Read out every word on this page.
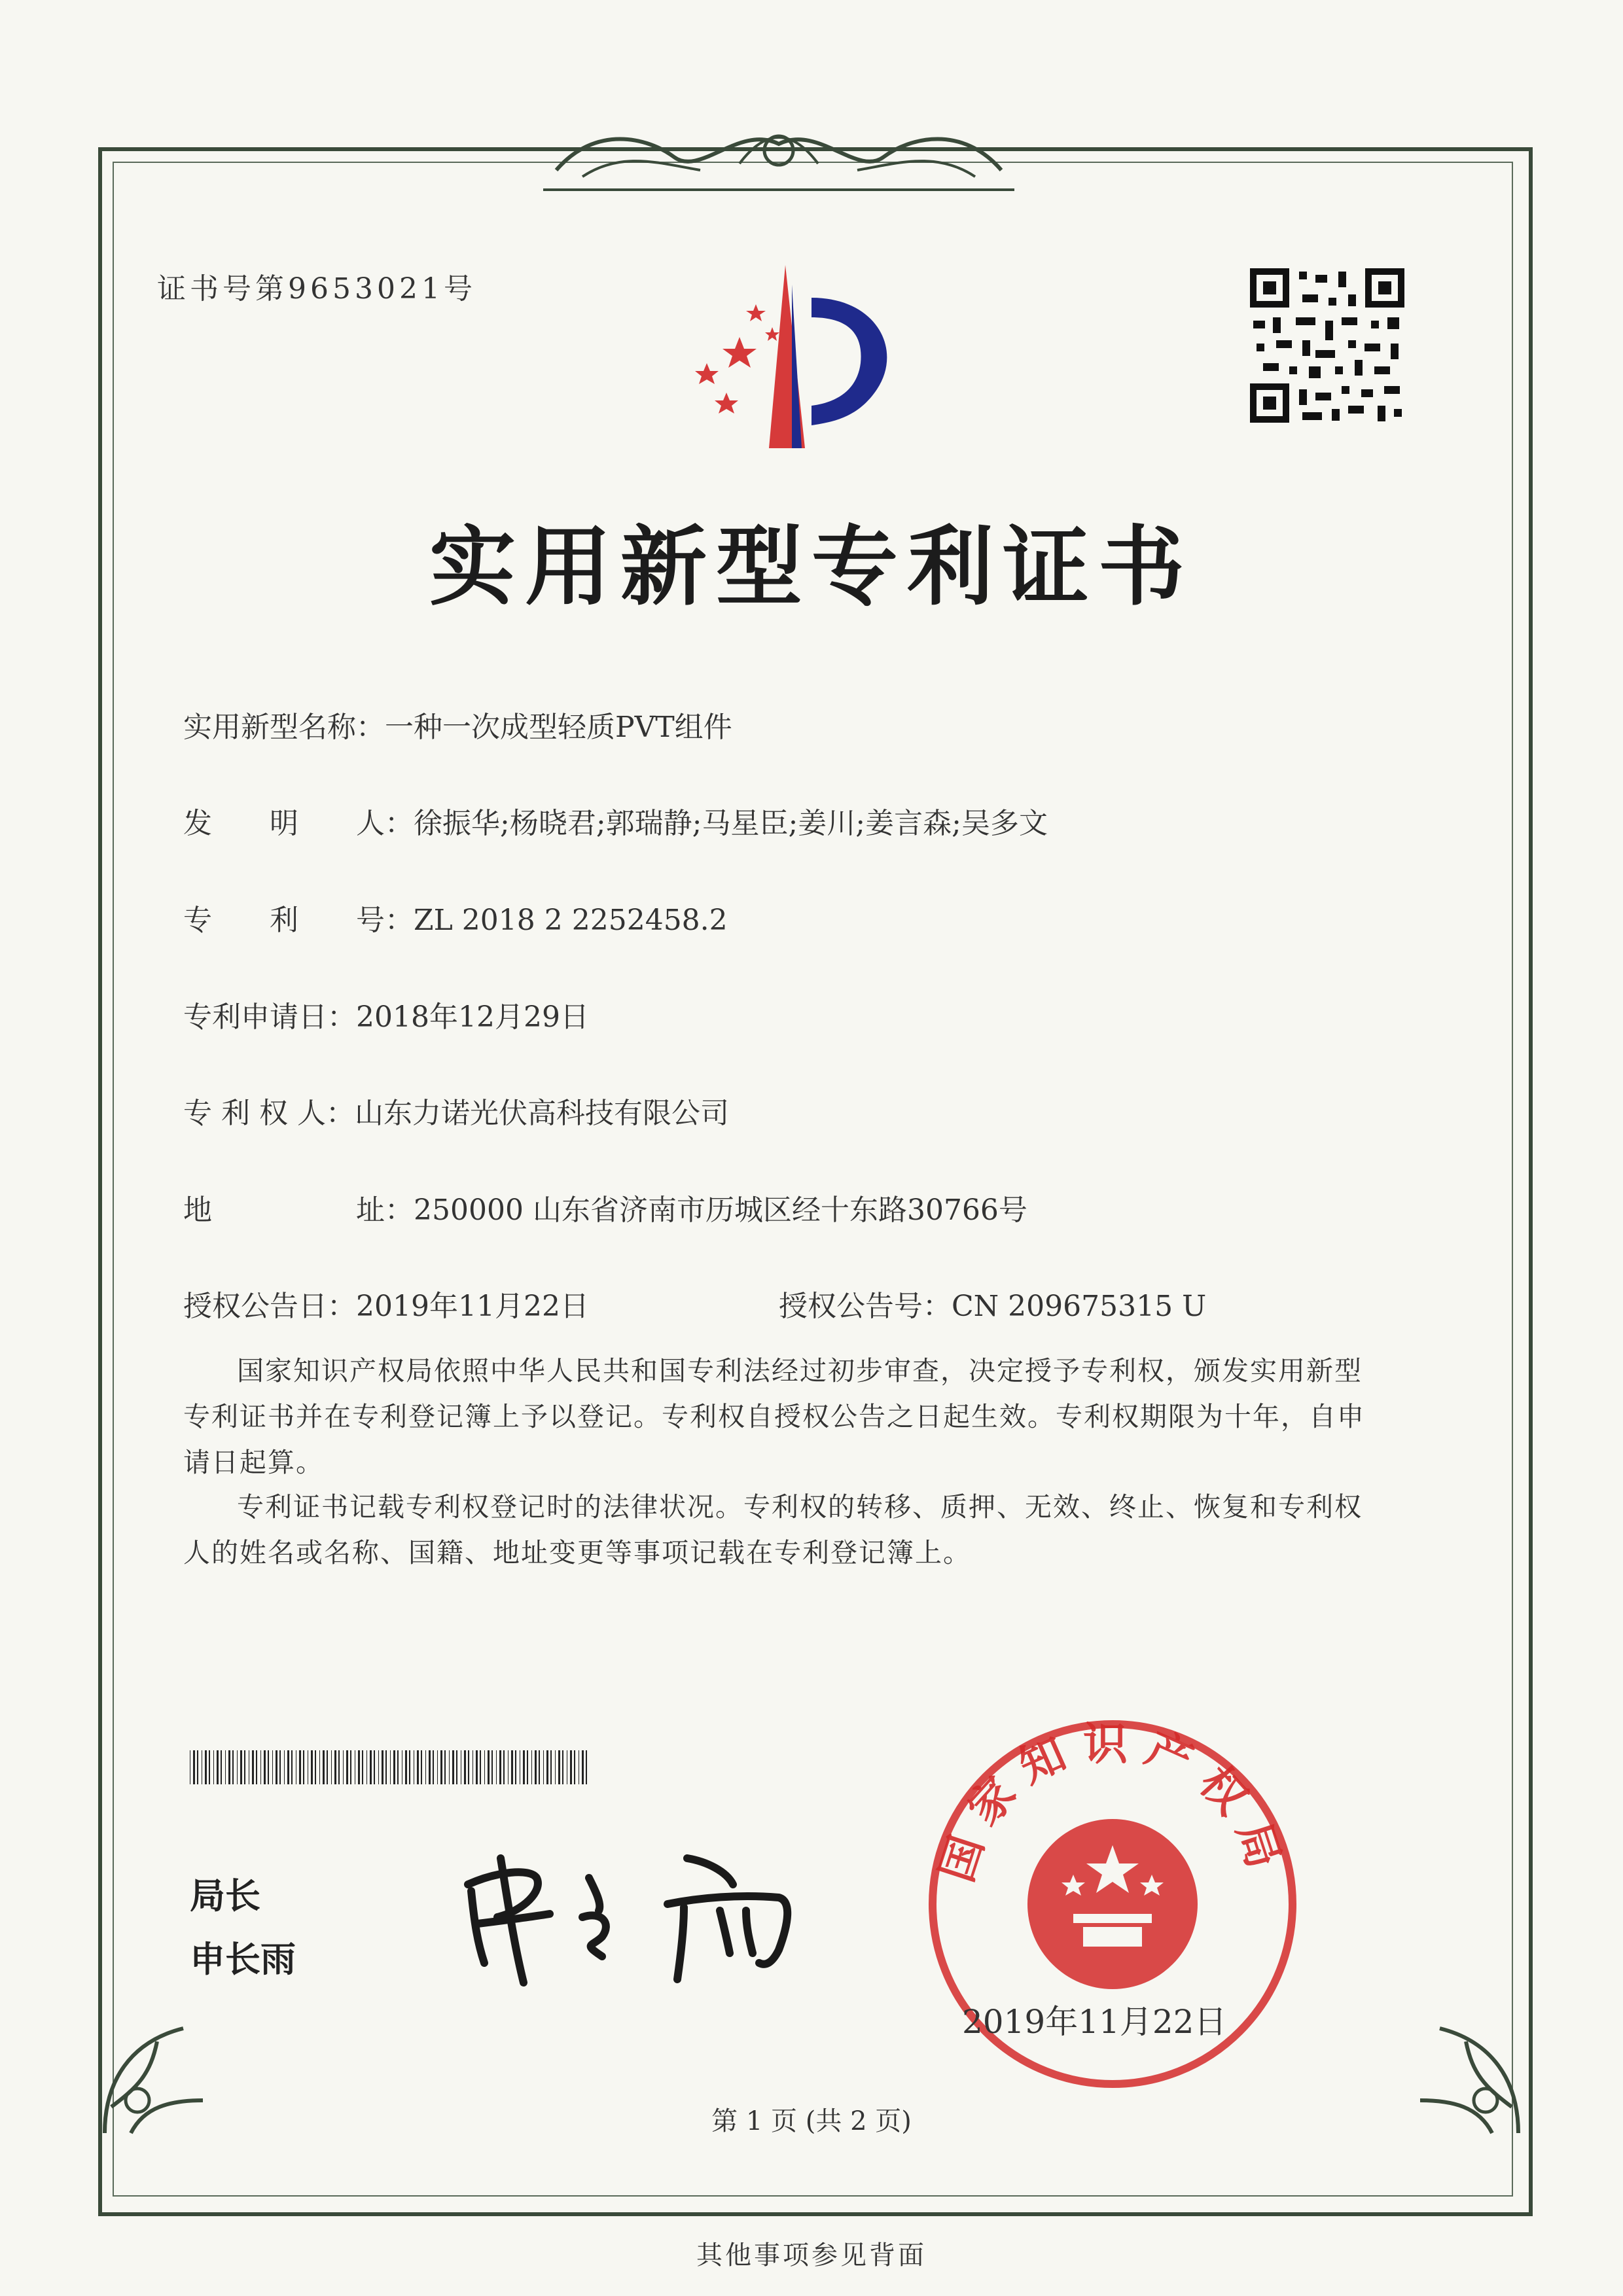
证书号第9653021号
实用新型专利证书
实用新型名称：一种一次成型轻质PVT组件
发　　明　　人：徐振华;杨晓君;郭瑞静;马星臣;姜川;姜言森;吴多文
专　　利　　号：ZL 2018 2 2252458.2
专利申请日：2018年12月29日
专 利 权 人：山东力诺光伏高科技有限公司
地　　　　　址：250000 山东省济南市历城区经十东路30766号
授权公告日：2019年11月22日	授权公告号：CN 209675315 U
国家知识产权局依照中华人民共和国专利法经过初步审查，决定授予专利权，颁发实用新型专利证书并在专利登记簿上予以登记。专利权自授权公告之日起生效。专利权期限为十年，自申请日起算。
专利证书记载专利权登记时的法律状况。专利权的转移、质押、无效、终止、恢复和专利权人的姓名或名称、国籍、地址变更等事项记载在专利登记簿上。
局长
申长雨
国家知识产权局
2019年11月22日
第 1 页 (共 2 页)
其他事项参见背面
